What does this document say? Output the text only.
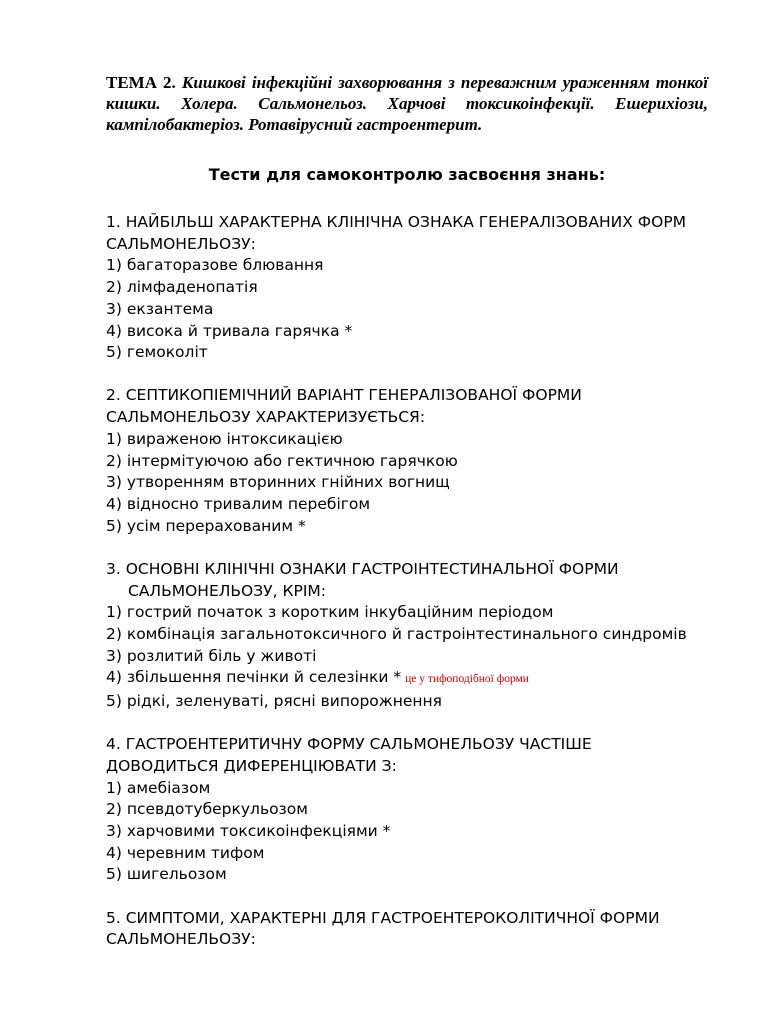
ТЕМА 2. Кишкові інфекційні захворювання з переважним ураженням тонкої кишки. Холера. Сальмонельоз. Харчові токсикоінфекції. Ешерихіози, кампілобактеріоз. Ротавірусний гастроентерит.

Тести для самоконтролю засвоєння знань:

1. НАЙБІЛЬШ ХАРАКТЕРНА КЛІНІЧНА ОЗНАКА ГЕНЕРАЛІЗОВАНИХ ФОРМ САЛЬМОНЕЛЬОЗУ:

1) багаторазове блювання
2) лімфаденопатія
3) екзантема
4) висока й тривала гарячка *
5) гемоколіт

2. СЕПТИКОПІЕМІЧНИЙ ВАРІАНТ ГЕНЕРАЛІЗОВАНОЇ ФОРМИ САЛЬМОНЕЛЬОЗУ ХАРАКТЕРИЗУЄТЬСЯ:

1) вираженою інтоксикацією
2) інтермітуючою або гектичною гарячкою
3) утворенням вторинних гнійних вогнищ
4) відносно тривалим перебігом
5) усім перерахованим *

3. ОСНОВНІ КЛІНІЧНІ ОЗНАКИ ГАСТРОІНТЕСТИНАЛЬНОЇ ФОРМИ
САЛЬМОНЕЛЬОЗУ, КРІМ:

1) гострий початок з коротким інкубаційним періодом
2) комбінація загальнотоксичного й гастроінтестинального синдромів
3) розлитий біль у животі
4) збільшення печінки й селезінки * це у тифоподібної форми
5) рідкі, зеленуваті, рясні випорожнення

4. ГАСТРОЕНТЕРИТИЧНУ ФОРМУ САЛЬМОНЕЛЬОЗУ ЧАСТІШЕ ДОВОДИТЬСЯ ДИФЕРЕНЦІЮВАТИ З:

1) амебіазом
2) псевдотуберкульозом
3) харчовими токсикоінфекціями *
4) черевним тифом
5) шигельозом

5. СИМПТОМИ, ХАРАКТЕРНІ ДЛЯ ГАСТРОЕНТЕРОКОЛІТИЧНОЇ ФОРМИ САЛЬМОНЕЛЬОЗУ:
